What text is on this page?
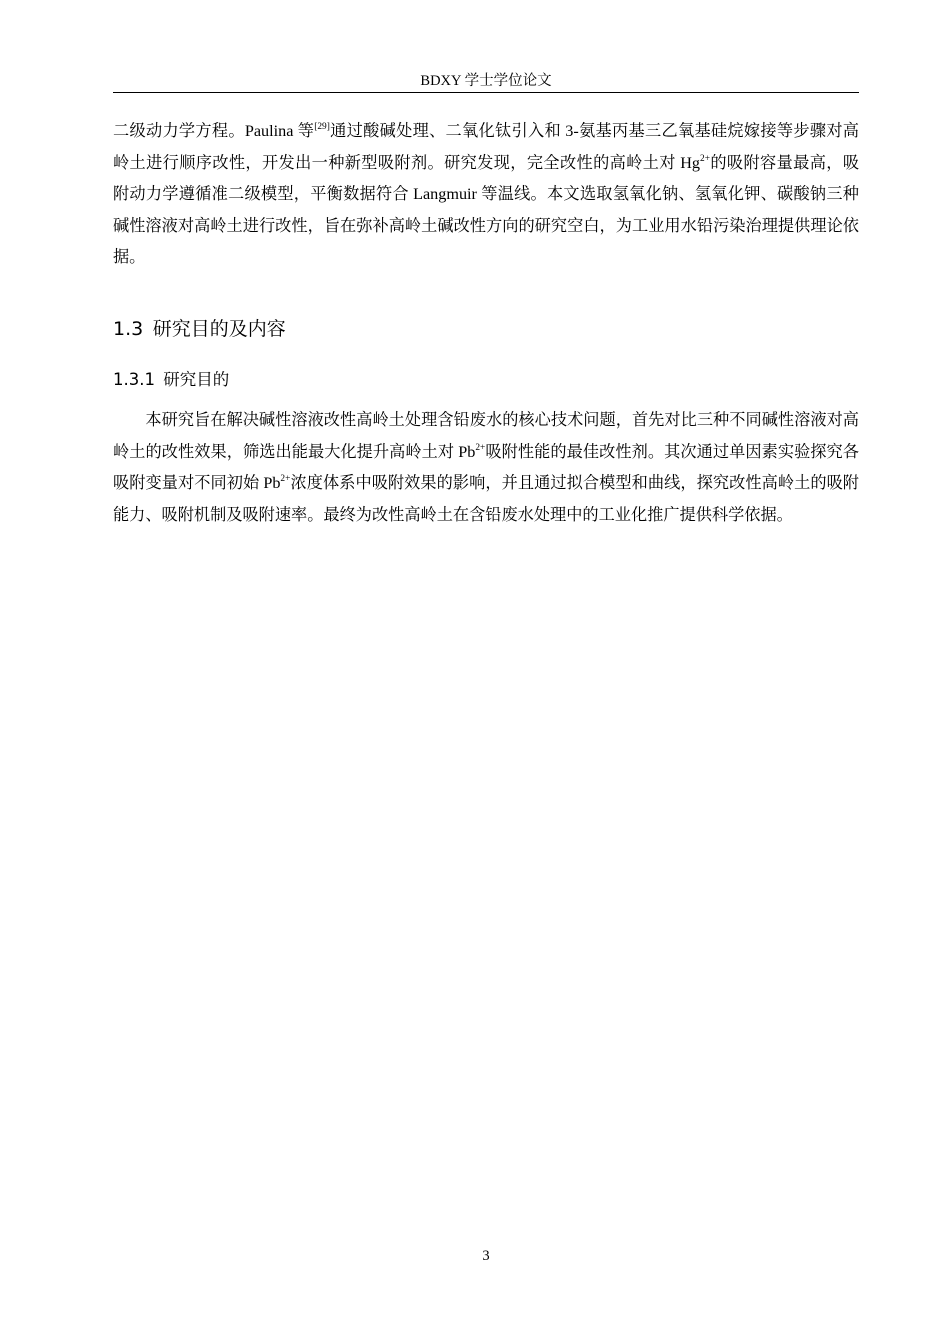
BDXY 学士学位论文

二级动力学方程。Paulina 等[29]通过酸碱处理、二氧化钛引入和 3-氨基丙基三乙氧基硅烷嫁接等步骤对高岭土进行顺序改性，开发出一种新型吸附剂。研究发现，完全改性的高岭土对 $Hg^{2+}$的吸附容量最高，吸附动力学遵循准二级模型，平衡数据符合 Langmuir 等温线。本文选取氢氧化钠、氢氧化钾、碳酸钠三种碱性溶液对高岭土进行改性，旨在弥补高岭土碱改性方向的研究空白，为工业用水铅污染治理提供理论依据。

1.3 研究目的及内容
1.3.1 研究目的

本研究旨在解决碱性溶液改性高岭土处理含铅废水的核心技术问题，首先对比三种不同碱性溶液对高岭土的改性效果，筛选出能最大化提升高岭土对 $Pb^{2+}$吸附性能的最佳改性剂。其次通过单因素实验探究各吸附变量对不同初始 $Pb^{2+}$浓度体系中吸附效果的影响，并且通过拟合模型和曲线，探究改性高岭土的吸附能力、吸附机制及吸附速率。最终为改性高岭土在含铅废水处理中的工业化推广提供科学依据。

3
